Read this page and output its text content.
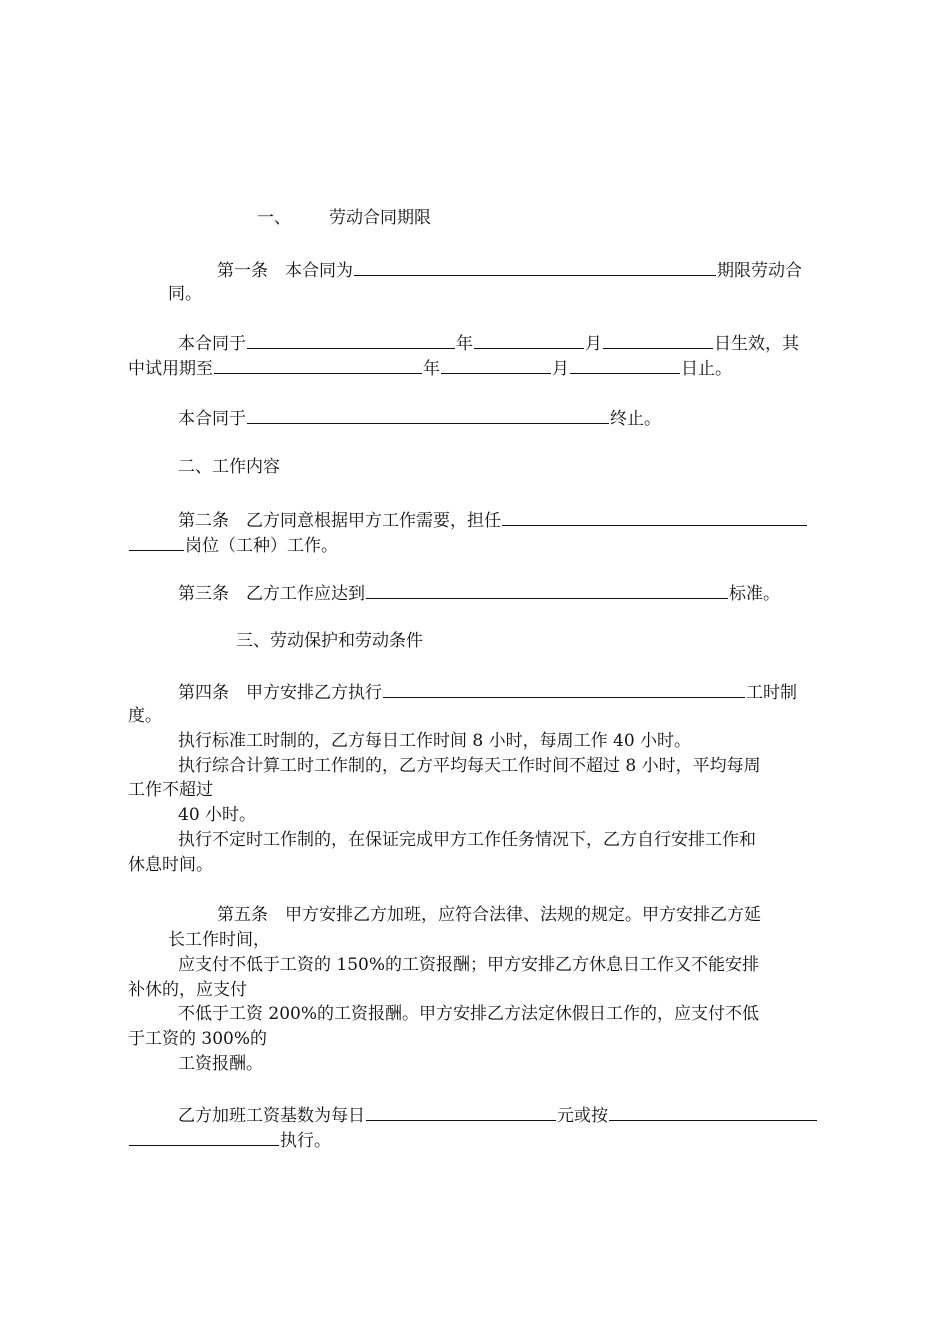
一、 劳动合同期限
第一条　本合同为	期限劳动合
同。
本合同于	年	月	日生效，其
中试用期至	年	月	日止。
本合同于	终止。
二、工作内容
第二条　乙方同意根据甲方工作需要，担任
岗位（工种）工作。
第三条　乙方工作应达到	标准。
三、劳动保护和劳动条件
第四条　甲方安排乙方执行	工时制
度。
执行标准工时制的，乙方每日工作时间 8 小时，每周工作 40 小时。
执行综合计算工时工作制的，乙方平均每天工作时间不超过 8 小时，平均每周
工作不超过
40 小时。
执行不定时工作制的，在保证完成甲方工作任务情况下，乙方自行安排工作和
休息时间。
第五条　甲方安排乙方加班，应符合法律、法规的规定。甲方安排乙方延
长工作时间，
应支付不低于工资的 150%的工资报酬；甲方安排乙方休息日工作又不能安排
补休的，应支付
不低于工资 200%的工资报酬。甲方安排乙方法定休假日工作的，应支付不低
于工资的 300%的
工资报酬。
乙方加班工资基数为每日	元或按
执行。
